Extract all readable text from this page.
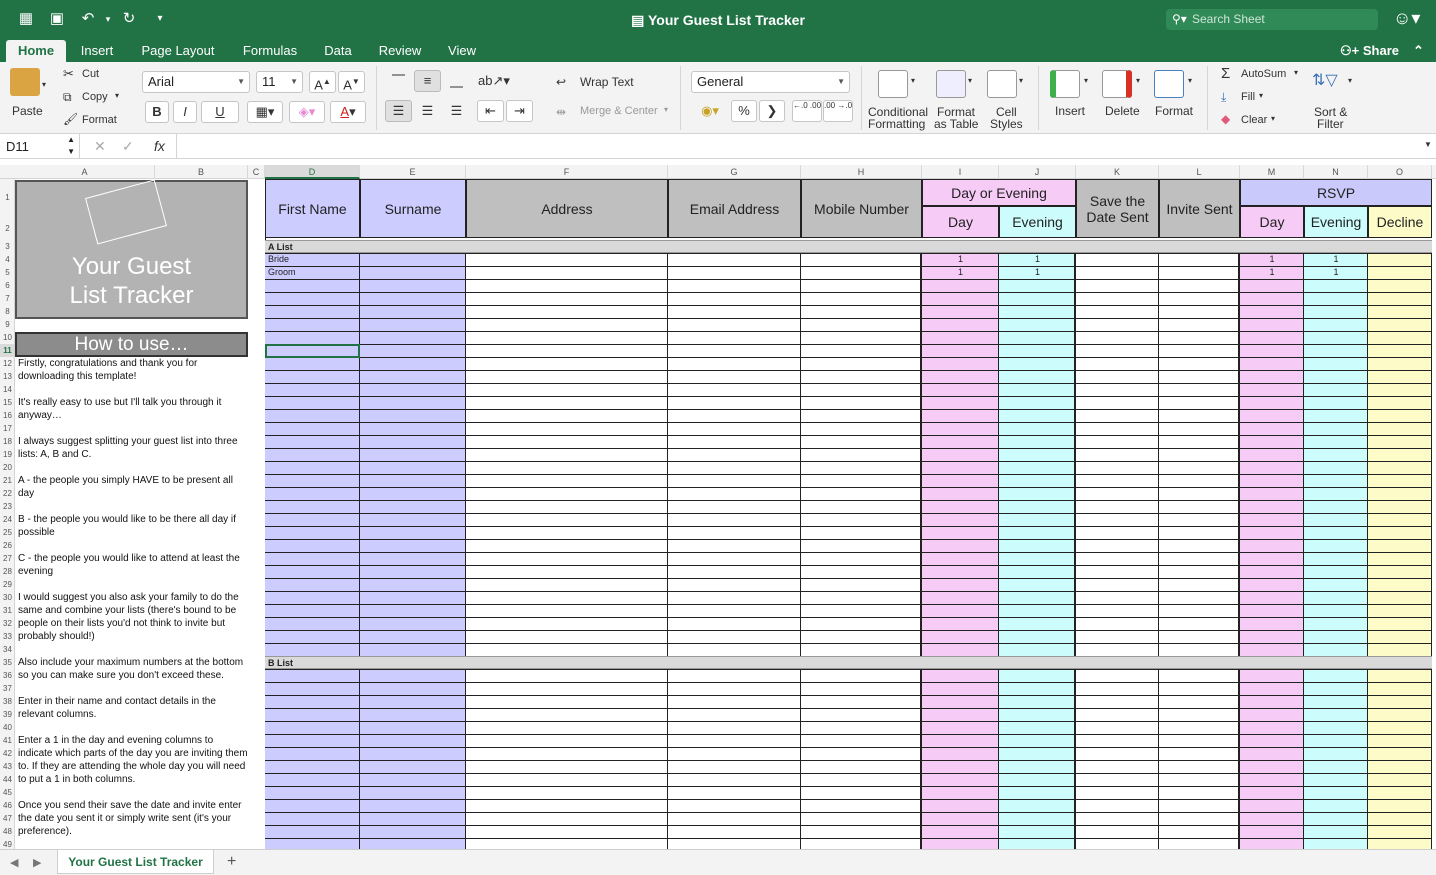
▦ ▣ ↶	▾ ↻	▾	▤ Your Guest List Tracker	⚲▾ Search Sheet	☺▾
Home	Insert	Page Layout	Formulas	Data	Review	View	⚇+ Share ⌃
▾
Paste
✂ Cut
⧉ Copy ▾
🖌 Format
Arial	▼	11 ▼	A▲ A▼
B	I	U	▦▾	◈▾	A▾
⎺	≡	⎽	ab↗▾
☰	☰	☰	⇤	⇥
↩ Wrap Text
⇹ Merge & Center ▾
General	▼
◉▾	%	❯	←.0 .00 .00 →.0
▾
Conditional
Formatting
▾
Format
as Table
▾
Cell
Styles
▾
Insert
▾
Delete
▾
Format
Σ AutoSum ▾
⤓ Fill ▾
◆ Clear ▾
⇅▽ ▾
Sort &
Filter
D11	▲
▼ ✕ ✓ fx	▼
A	B	C	D	E	F	G	H	I	J	K	L	M	N	O
1
2
3
4
5
6
7
8
9
10
11
12
13
14
15
16
17
18
19
20
21
22
23
24
25
26
27
28
29
30
31
32
33
34
35
36
37
38
39
40
41
42
43
44
45
46
47
48
49
Your Guest
List Tracker
How to use…
Firstly, congratulations and thank you for downloading this template!
It's really easy to use but I'll talk you through it anyway…
I always suggest splitting your guest list into three lists: A, B and C.
A - the people you simply HAVE to be present all day
B - the people you would like to be there all day if possible
C - the people you would like to attend at least the evening
I would suggest you also ask your family to do the same and combine your lists (there's bound to be people on their lists you'd not think to invite but probably should!)
Also include your maximum numbers at the bottom so you can make sure you don't exceed these.
Enter in their name and contact details in the relevant columns.
Enter a 1 in the day and evening columns to indicate which parts of the day you are inviting them to. If they are attending the whole day you will need to put a 1 in both columns.
Once you send their save the date and invite enter the date you sent it or simply write sent (it's your preference).
First Name	Surname	Address	Email Address	Mobile Number	Save the Date Sent	Invite Sent
Day or Evening
Day	Evening
RSVP
Day	Evening	Decline
A List
B List
Bride	1	1	1	1
Groom	1	1	1	1
◀ ▶	Your Guest List Tracker	+
